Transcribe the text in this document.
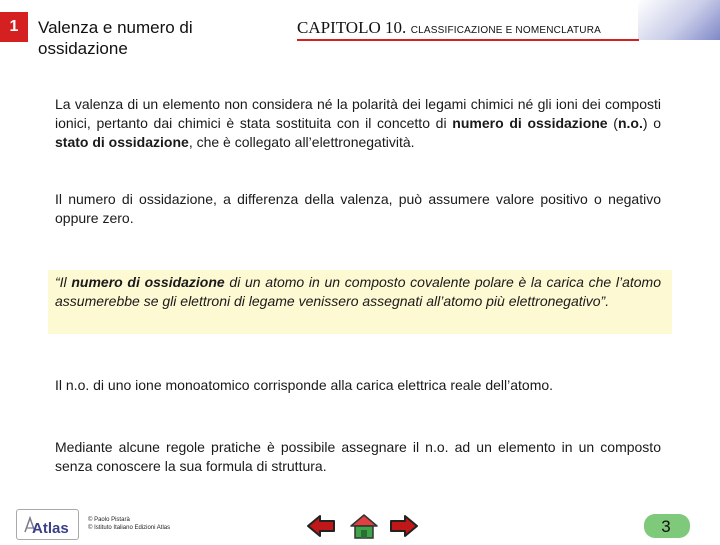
1 Valenza e numero di ossidazione
CAPITOLO 10. CLASSIFICAZIONE E NOMENCLATURA
La valenza di un elemento non considera né la polarità dei legami chimici né gli ioni dei composti ionici, pertanto dai chimici è stata sostituita con il concetto di numero di ossidazione (n.o.) o stato di ossidazione, che è collegato all’elettronegatività.
Il numero di ossidazione, a differenza della valenza, può assumere valore positivo o negativo oppure zero.
“Il numero di ossidazione di un atomo in un composto covalente polare è la carica che l’atomo assumerebbe se gli elettroni di legame venissero assegnati all’atomo più elettronegativo”.
Il n.o. di uno ione monoatomico corrisponde alla carica elettrica reale dell’atomo.
Mediante alcune regole pratiche è possibile assegnare il n.o. ad un elemento in un composto senza conoscere la sua formula di struttura.
Atlas	© Paolo Pistarà
© Istituto Italiano Edizioni Atlas	3
